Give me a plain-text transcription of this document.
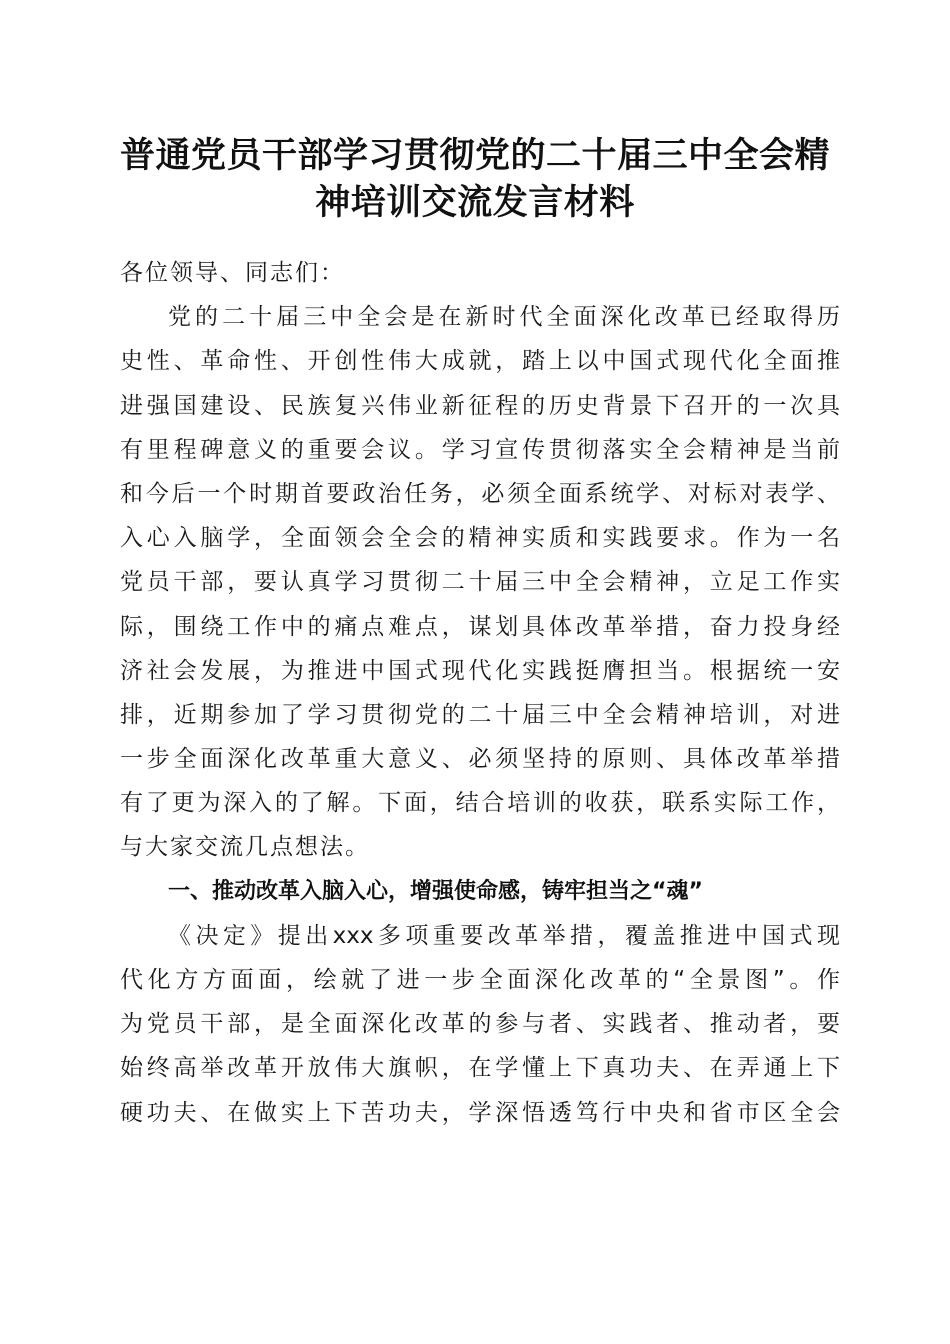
普通党员干部学习贯彻党的二十届三中全会精
神培训交流发言材料
各位领导、同志们：
党的二十届三中全会是在新时代全面深化改革已经取得历
史性、革命性、开创性伟大成就，踏上以中国式现代化全面推
进强国建设、民族复兴伟业新征程的历史背景下召开的一次具
有里程碑意义的重要会议。学习宣传贯彻落实全会精神是当前
和今后一个时期首要政治任务，必须全面系统学、对标对表学、
入心入脑学，全面领会全会的精神实质和实践要求。作为一名
党员干部，要认真学习贯彻二十届三中全会精神，立足工作实
际，围绕工作中的痛点难点，谋划具体改革举措，奋力投身经
济社会发展，为推进中国式现代化实践挺膺担当。根据统一安
排，近期参加了学习贯彻党的二十届三中全会精神培训，对进
一步全面深化改革重大意义、必须坚持的原则、具体改革举措
有了更为深入的了解。下面，结合培训的收获，联系实际工作，
与大家交流几点想法。
一、推动改革入脑入心，增强使命感，铸牢担当之“魂”
《决定》提出xxx多项重要改革举措，覆盖推进中国式现
代化方方面面，绘就了进一步全面深化改革的“全景图”。作
为党员干部，是全面深化改革的参与者、实践者、推动者，要
始终高举改革开放伟大旗帜，在学懂上下真功夫、在弄通上下
硬功夫、在做实上下苦功夫，学深悟透笃行中央和省市区全会
